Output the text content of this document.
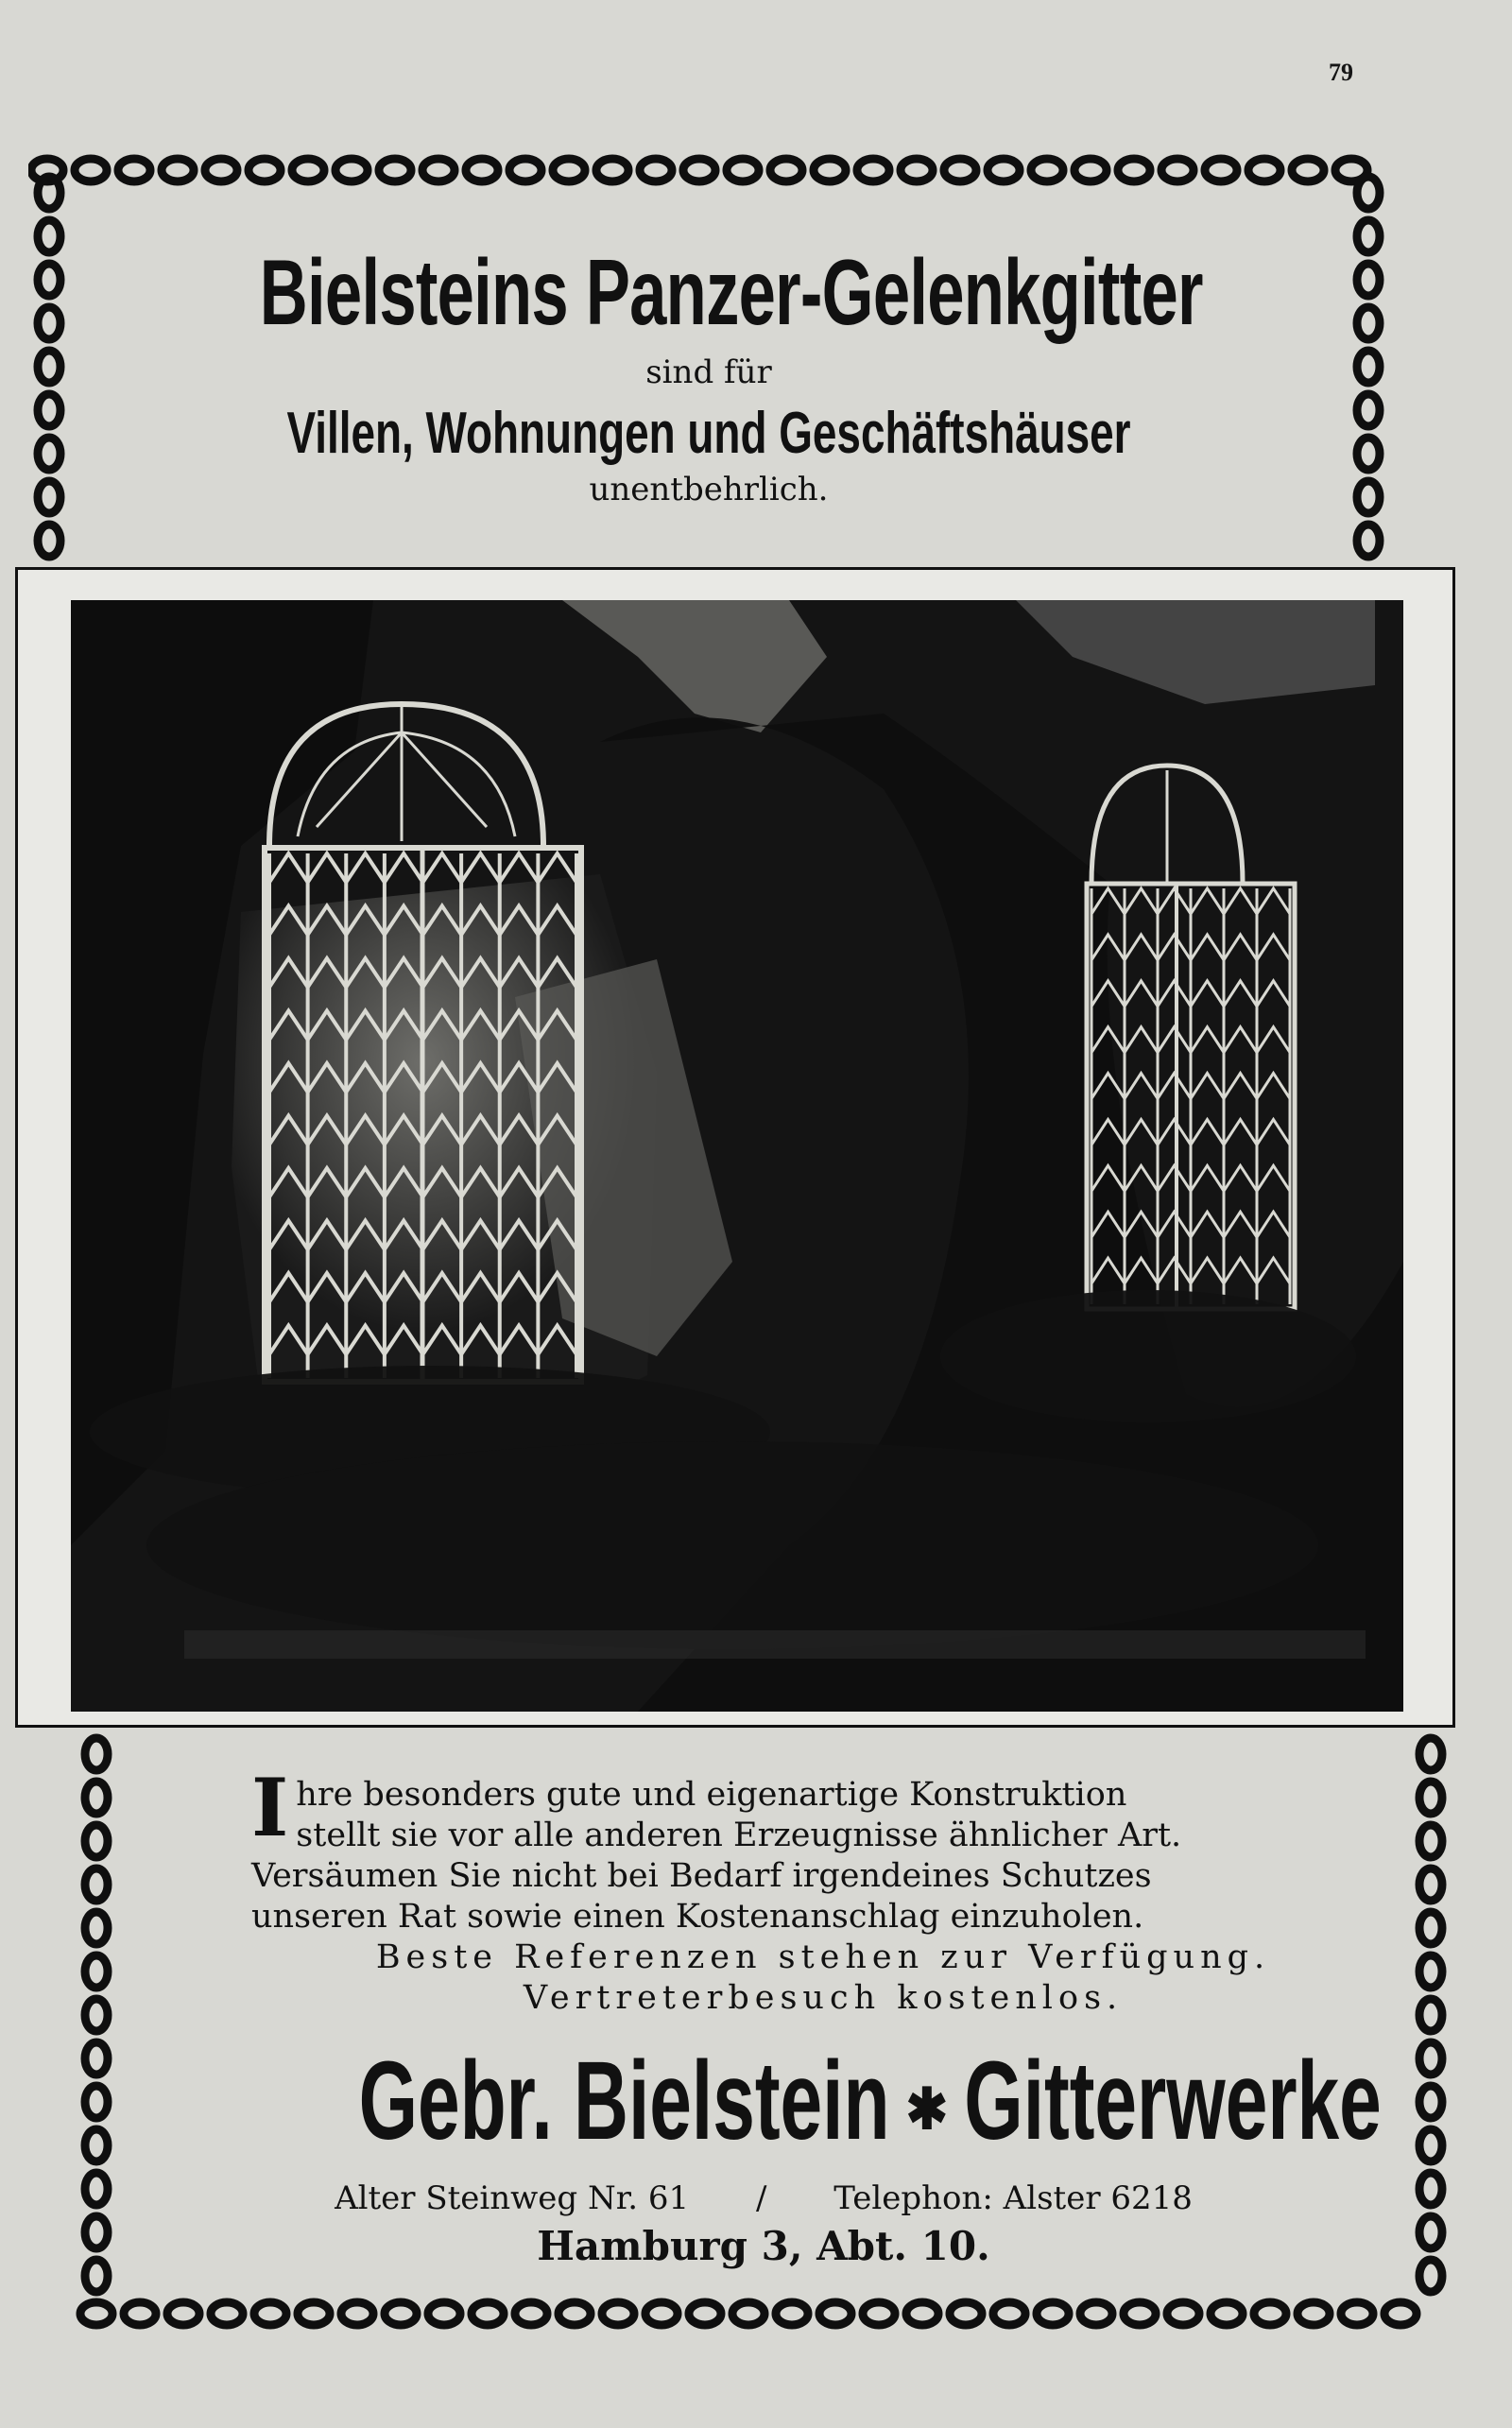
79
Bielsteins Panzer-Gelenkgitter
sind für
Villen, Wohnungen und Geschäftshäuser
unentbehrlich.
I hre besonders gute und eigenartige Konstruktion

stellt sie vor alle anderen Erzeugnisse ähnlicher Art.

Versäumen Sie nicht bei Bedarf irgendeines Schutzes

unseren Rat sowie einen Kostenanschlag einzuholen.

Beste Referenzen stehen zur Verfügung.

Vertreterbesuch kostenlos.

Gebr. Bielstein ✱ Gitterwerke
Alter Steinweg Nr. 61 / Telephon: Alster 6218
Hamburg 3, Abt. 10.
